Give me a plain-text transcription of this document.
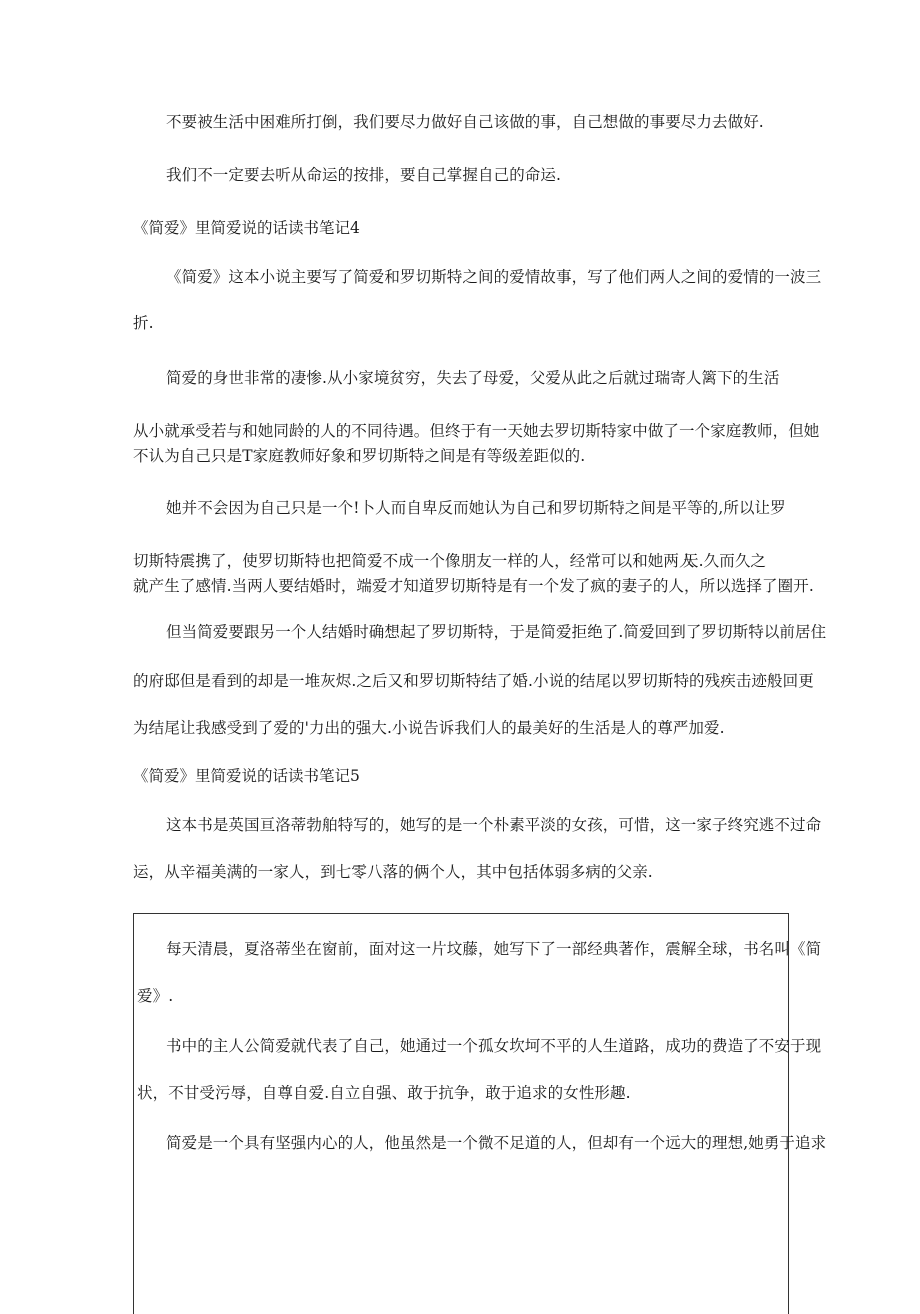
不要被生活中困难所打倒，我们要尽力做好自己该做的事，自己想做的事要尽力去做好.
我们不一定要去听从命运的按排，要自己掌握自己的命运.
《简爱》里简爱说的话读书笔记4
《简爱》这本小说主要写了简爱和罗切斯特之间的爱情故事，写了他们两人之间的爱情的一波三
折.
简爱的身世非常的凄惨.从小家境贫穷，失去了母爱，父爱从此之后就过瑞寄人篱下的生活
从小就承受若与和她同龄的人的不同待遇。但终于有一天她去罗切斯特家中做了一个家庭教师，但她
不认为自己只是T家庭教师好象和罗切斯特之间是有等级差距似的.
她并不会因为自己只是一个!卜人而自卑反而她认为自己和罗切斯特之间是平等的,所以让罗
切斯特震携了，使罗切斯特也把简爱不成一个像朋友一样的人，经常可以和她两人
天.久而久之
就产生了感情.当两人要结婚时，端爱才知道罗切斯特是有一个发了疯的妻子的人，所以选择了圈开.
但当简爱要跟另一个人结婚时确想起了罗切斯特，于是简爱拒绝了.简爱回到了罗切斯特以前居住
的府邸但是看到的却是一堆灰烬.之后又和罗切斯特结了婚.小说的结尾以罗切斯特的残疾击迹般回更
为结尾让我感受到了爱的'力出的强大.小说告诉我们人的最美好的生活是人的尊严加爱.
《简爱》里简爱说的话读书笔记5
这本书是英国亘洛蒂勃舶特写的，她写的是一个朴素平淡的女孩，可惜，这一家子终究逃不过命
运，从辛福美满的一家人，到七零八落的俩个人，其中包括体弱多病的父亲.
每天清晨，夏洛蒂坐在窗前，面对这一片坟藤，她写下了一部经典著作，震解全球，书名叫《简
爱》.
书中的主人公简爱就代表了自己，她通过一个孤女坎坷不平的人生道路，成功的费造了不安于现
状，不甘受污辱，自尊自爱.自立自强、敢于抗争，敢于追求的女性形趣.
简爱是一个具有坚强内心的人，他虽然是一个微不足道的人，但却有一个远大的理想,她勇于追求
